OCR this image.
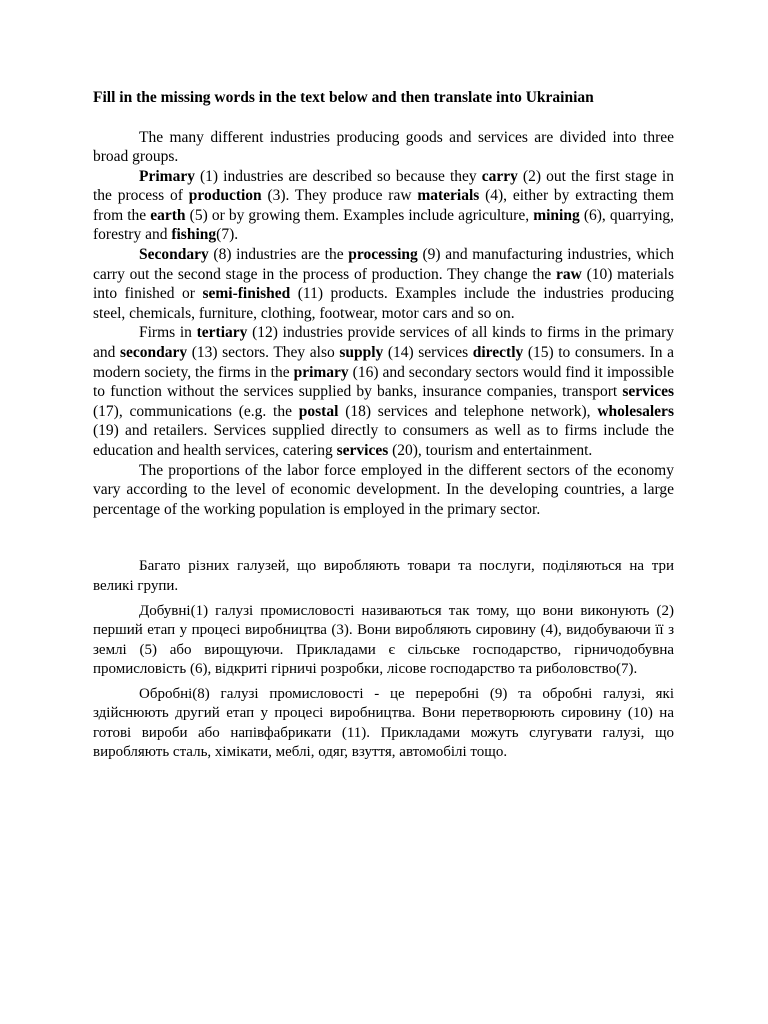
Fill in the missing words in the text below and then translate into Ukrainian

The many different industries producing goods and services are divided into three broad groups.

Primary (1) industries are described so because they carry (2) out the first stage in the process of production (3). They produce raw materials (4), either by extracting them from the earth (5) or by growing them. Examples include agriculture, mining (6), quarrying, forestry and fishing(7).

Secondary (8) industries are the processing (9) and manufacturing industries, which carry out the second stage in the process of production. They change the raw (10) materials into finished or semi-finished (11) products. Examples include the industries producing steel, chemicals, furniture, clothing, footwear, motor cars and so on.

Firms in tertiary (12) industries provide services of all kinds to firms in the primary and secondary (13) sectors. They also supply (14) services directly (15) to consumers. In a modern society, the firms in the primary (16) and secondary sectors would find it impossible to function without the services supplied by banks, insurance companies, transport services (17), communications (e.g. the postal (18) services and telephone network), wholesalers (19) and retailers. Services supplied directly to consumers as well as to firms include the education and health services, catering services (20), tourism and entertainment.

The proportions of the labor force employed in the different sectors of the economy vary according to the level of economic development. In the developing countries, a large percentage of the working population is employed in the primary sector.

Багато різних галузей, що виробляють товари та послуги, поділяються на три великі групи.

Добувні(1) галузі промисловості називаються так тому, що вони виконують (2) перший етап у процесі виробництва (3). Вони виробляють сировину (4), видобуваючи її з землі (5) або вирощуючи. Прикладами є сільське господарство, гірничодобувна промисловість (6), відкриті гірничі розробки, лісове господарство та риболовство(7).

Обробні(8) галузі промисловості - це переробні (9) та обробні галузі, які здійснюють другий етап у процесі виробництва. Вони перетворюють сировину (10) на готові вироби або напівфабрикати (11). Прикладами можуть слугувати галузі, що виробляють сталь, хімікати, меблі, одяг, взуття, автомобілі тощо.
